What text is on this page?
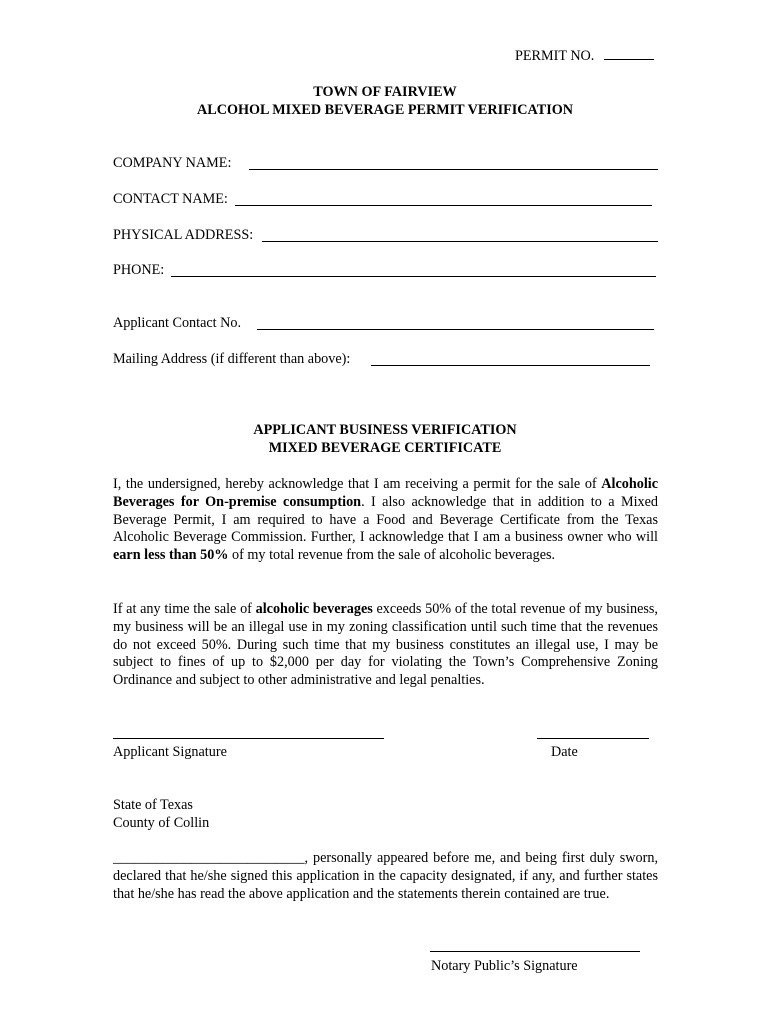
PERMIT NO.
TOWN OF FAIRVIEW
ALCOHOL MIXED BEVERAGE PERMIT VERIFICATION
COMPANY NAME:
CONTACT NAME:
PHYSICAL ADDRESS:
PHONE:
Applicant Contact No.
Mailing Address (if different than above):
APPLICANT BUSINESS VERIFICATION
MIXED BEVERAGE CERTIFICATE
I, the undersigned, hereby acknowledge that I am receiving a permit for the sale of Alcoholic Beverages for On-premise consumption. I also acknowledge that in addition to a Mixed Beverage Permit, I am required to have a Food and Beverage Certificate from the Texas Alcoholic Beverage Commission. Further, I acknowledge that I am a business owner who will earn less than 50% of my total revenue from the sale of alcoholic beverages.
If at any time the sale of alcoholic beverages exceeds 50% of the total revenue of my business, my business will be an illegal use in my zoning classification until such time that the revenues do not exceed 50%. During such time that my business constitutes an illegal use, I may be subject to fines of up to $2,000 per day for violating the Town’s Comprehensive Zoning Ordinance and subject to other administrative and legal penalties.
Applicant Signature	Date
State of Texas
County of Collin
___________________________, personally appeared before me, and being first duly sworn, declared that he/she signed this application in the capacity designated, if any, and further states that he/she has read the above application and the statements therein contained are true.
Notary Public’s Signature
